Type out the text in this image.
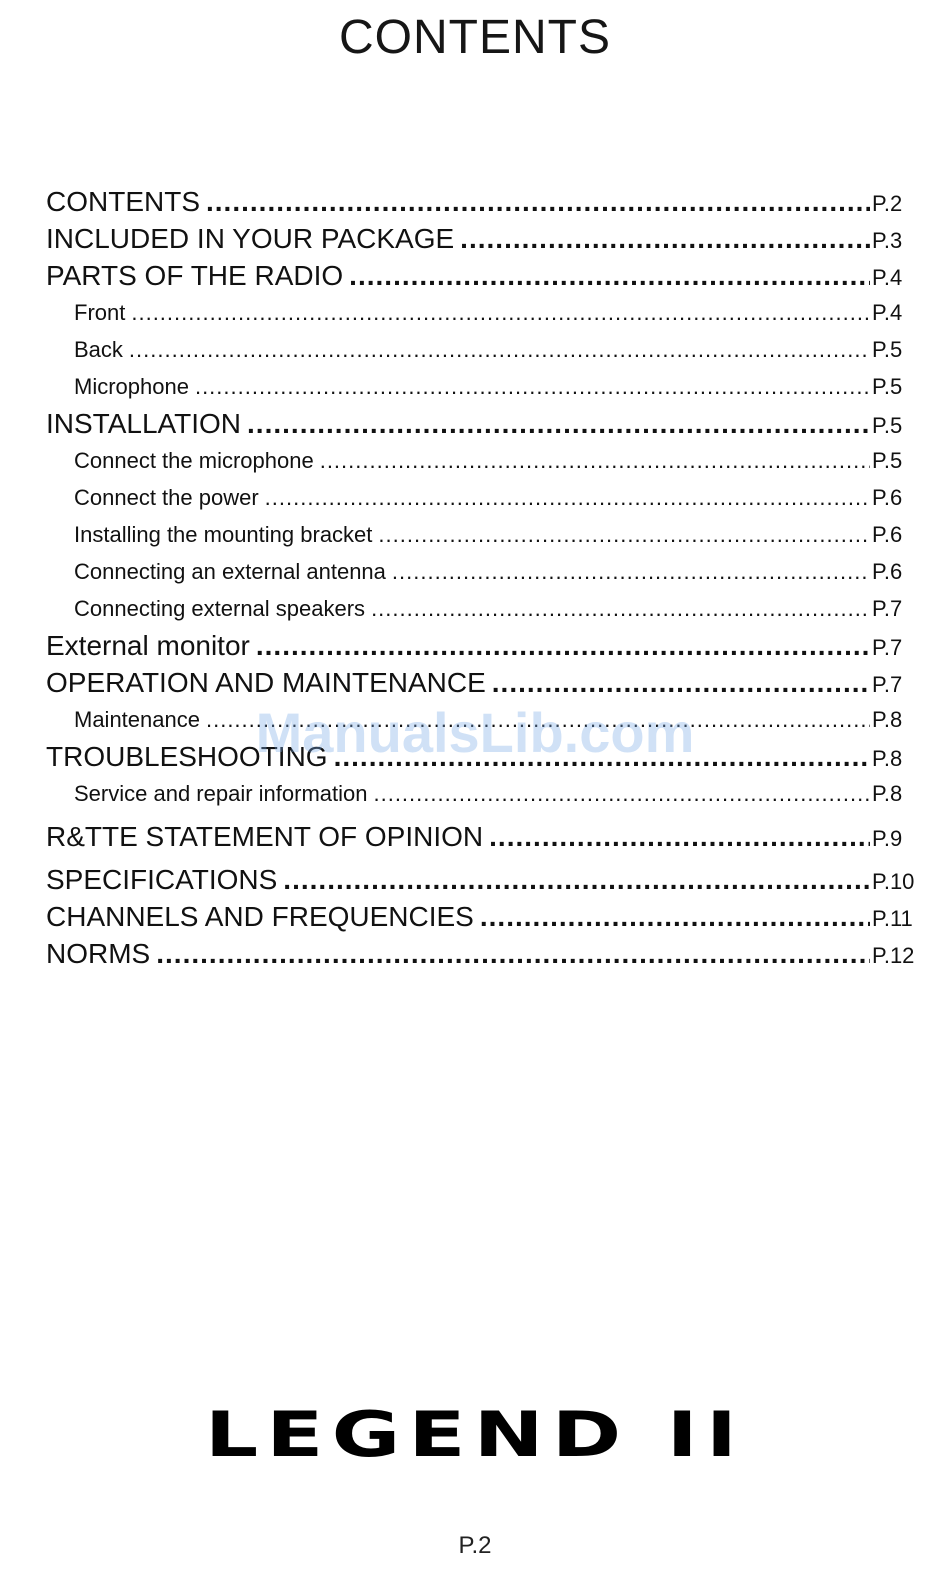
CONTENTS
CONTENTS .....	P.2
INCLUDED IN YOUR PACKAGE .....	P.3
PARTS OF THE RADIO .....	P.4
Front .....	P.4
Back .....	P.5
Microphone .....	P.5
INSTALLATION .....	P.5
Connect the microphone .....	P.5
Connect the power .....	P.6
Installing the mounting bracket .....	P.6
Connecting an external antenna .....	P.6
Connecting external speakers .....	P.7
External monitor .....	P.7
OPERATION AND MAINTENANCE .....	P.7
Maintenance .....	P.8
TROUBLESHOOTING .....	P.8
Service and repair information .....	P.8
R&TTE STATEMENT OF OPINION .....	P.9
SPECIFICATIONS .....	P.10
CHANNELS AND FREQUENCIES .....	P.11
NORMS .....	P.12
ManualsLib.com
LEGEND II
P.2
